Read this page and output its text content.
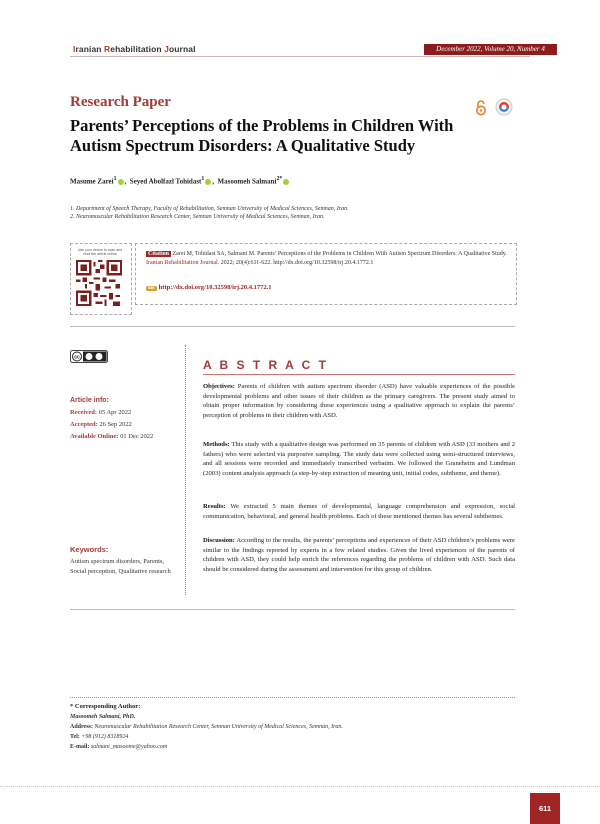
Iranian Rehabilitation Journal	December 2022, Volume 20, Number 4
Research Paper
Parents’ Perceptions of the Problems in Children With Autism Spectrum Disorders: A Qualitative Study
Masume Zarei$^1$ ,  Seyed Abolfazl Tohidast$^1$ ,  Masoomeh Salmani$^{2*}$
1. Department of Speech Therapy, Faculty of Rehabilitation, Semnan University of Medical Sciences, Semnan, Iran.
2. Neuromuscular Rehabilitation Research Center, Semnan University of Medical Sciences, Semnan, Iran.
Use your device to scan and read the article online	Citation Zarei M, Tohidast SA, Salmani M. Parents’ Perceptions of the Problems in Children With Autism Spectrum Disorders: A Qualitative Study. Iranian Rehabilitation Journal. 2022; 20(4):611-622. http://dx.doi.org/10.32598/irj.20.4.1772.1
doi http://dx.doi.org/10.32598/irj.20.4.1772.1
cc
Article info:
Received: 05 Apr 2022
Accepted: 26 Sep 2022
Available Online: 01 Dec 2022
Keywords:
Autism spectrum disorders, Parents, Social perception, Qualitative research
A B S T R A C T
Objectives: Parents of children with autism spectrum disorder (ASD) have valuable experiences of the possible developmental problems and other issues of their children as the primary caregivers. The present study aimed to obtain proper information by considering these experiences using a qualitative approach to explain the parents’ perception of problems in their children with ASD.
Methods: This study with a qualitative design was performed on 35 parents of children with ASD (33 mothers and 2 fathers) who were selected via purposive sampling. The study data were collected using semi-structured interviews, and all sessions were recorded and immediately transcribed verbatim. We followed the Graneheim and Lundman (2003) content analysis approach (a step-by-step extraction of meaning unit, initial codes, subtheme, and theme).
Results: We extracted 5 main themes of developmental, language comprehension and expression, social communication, behavioral, and general health problems. Each of these mentioned themes has several subthemes.
Discussion: According to the results, the parents’ perceptions and experiences of their ASD children’s problems were similar to the findings reported by experts in a few related studies. Given the lived experiences of the parents of children with ASD, they could help enrich the references regarding the problems of children with ASD. Such data should be considered during the assessment and intervention for this group of children.
* Corresponding Author:
Masoomeh Salmani, PhD.
Address: Neuromuscular Rehabilitation Research Center, Semnan University of Medical Sciences, Semnan, Iran.
Tel: +98 (912) 8318924
E-mail: salmani_masoome@yahoo.com
611
